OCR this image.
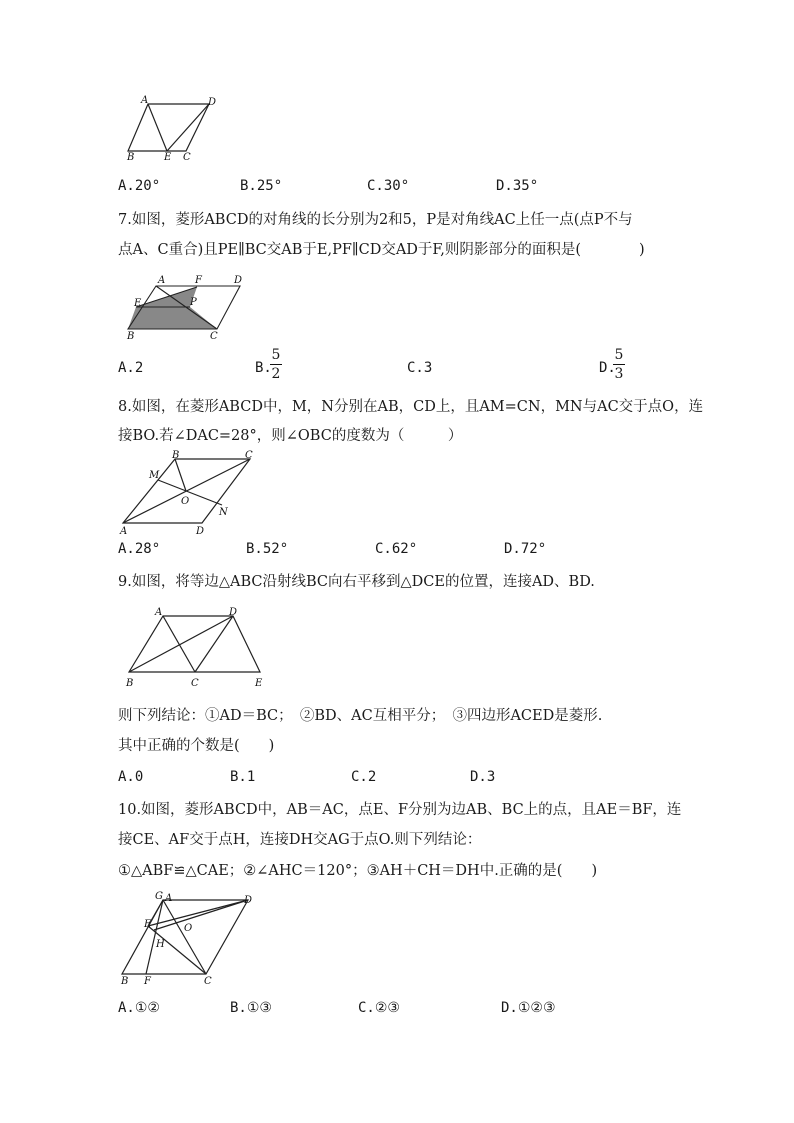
A	D
B	E C
A.20°	B.25°	C.30°	D.35°
7.如图，菱形ABCD的对角线的长分别为2和5，P是对角线AC上任一点(点P不与
点A、C重合)且PE∥BC交AB于E,PF∥CD交AD于F,则阴影部分的面积是(　　　　)
A	F	D
E	P
B	C
A.2	B.	C.3	D.
5
2
5
3
8.如图，在菱形ABCD中，M，N分别在AB，CD上，且AM=CN，MN与AC交于点O，连
接BO.若∠DAC=28°，则∠OBC的度数为（　　　）
B	C
M
O
N
A	D
A.28°	B.52°	C.62°	D.72°
9.如图，将等边△ABC沿射线BC向右平移到△DCE的位置，连接AD、BD.
A	D
B	C	E
则下列结论：①AD＝BC；　②BD、AC互相平分；　③四边形ACED是菱形.
其中正确的个数是(　　)
A.0	B.1	C.2	D.3
10.如图，菱形ABCD中，AB＝AC，点E、F分别为边AB、BC上的点，且AE＝BF，连
接CE、AF交于点H，连接DH交AG于点O.则下列结论：
①△ABF≌△CAE；②∠AHC＝120°；③AH＋CH＝DH中.正确的是(　　)
G A	D
E	O
H
B F	C
A.①②	B.①③	C.②③	D.①②③
